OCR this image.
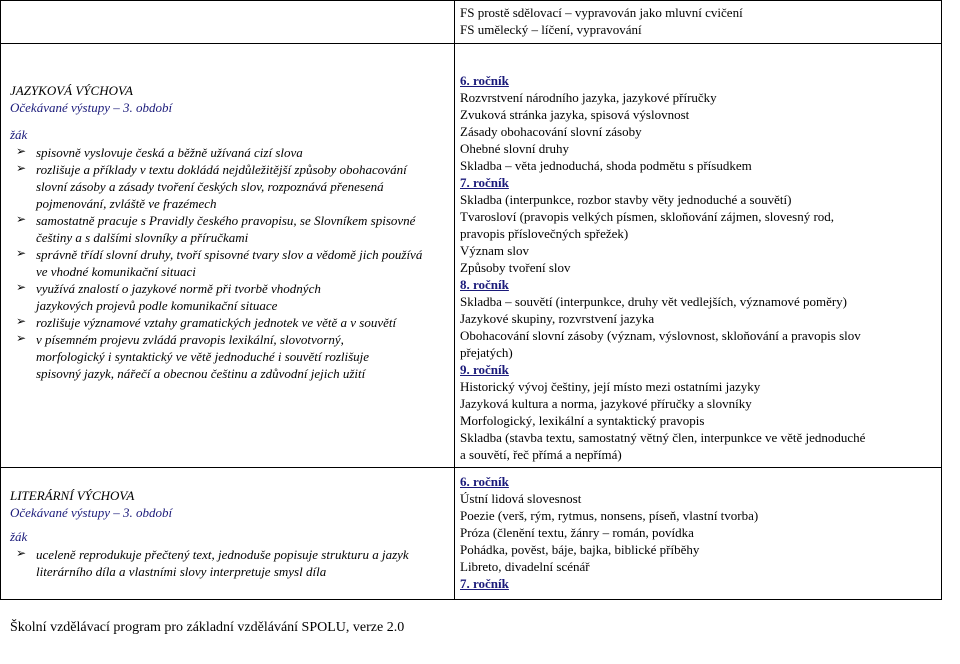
FS prostě sdělovací – vypravován jako mluvní cvičení
FS umělecký – líčení, vypravování
JAZYKOVÁ VÝCHOVA
Očekávané výstupy – 3. období
žák
➢ spisovně vyslovuje česká a běžně užívaná cizí slova
➢ rozlišuje a příklady v textu dokládá nejdůležitější způsoby obohacování slovní zásoby a zásady tvoření českých slov, rozpoznává přenesená pojmenování, zvláště ve frazémech
➢ samostatně pracuje s Pravidly českého pravopisu, se Slovníkem spisovné češtiny a s dalšími slovníky a příručkami
➢ správně třídí slovní druhy, tvoří spisovné tvary slov a vědomě jich používá ve vhodné komunikační situaci
➢ využívá znalostí o jazykové normě při tvorbě vhodných jazykových projevů podle komunikační situace
➢ rozlišuje významové vztahy gramatických jednotek ve větě a v souvětí
➢ v písemném projevu zvládá pravopis lexikální, slovotvorný, morfologický i syntaktický ve větě jednoduché i souvětí rozlišuje spisovný jazyk, nářečí a obecnou češtinu a zdůvodní jejich užití
6. ročník
Rozvrstvení národního jazyka, jazykové příručky
Zvuková stránka jazyka, spisová výslovnost
Zásady obohacování slovní zásoby
Ohebné slovní druhy
Skladba – věta jednoduchá, shoda podmětu s přísudkem
7. ročník
Skladba (interpunkce, rozbor stavby věty jednoduché a souvětí)
Tvarosloví (pravopis velkých písmen, skloňování zájmen, slovesný rod,
pravopis příslovečných spřežek)
Význam slov
Způsoby tvoření slov
8. ročník
Skladba – souvětí (interpunkce, druhy vět vedlejších, významové poměry)
Jazykové skupiny, rozvrstvení jazyka
Obohacování slovní zásoby (význam, výslovnost, skloňování a pravopis slov
přejatých)
9. ročník
Historický vývoj češtiny, její místo mezi ostatními jazyky
Jazyková kultura a norma, jazykové příručky a slovníky
Morfologický, lexikální a syntaktický pravopis
Skladba (stavba textu, samostatný větný člen, interpunkce ve větě jednoduché
a souvětí, řeč přímá a nepřímá)
LITERÁRNÍ VÝCHOVA
Očekávané výstupy – 3. období
žák
➢ uceleně reprodukuje přečtený text, jednoduše popisuje strukturu a jazyk literárního díla a vlastními slovy interpretuje smysl díla
6. ročník
Ústní lidová slovesnost
Poezie (verš, rým, rytmus, nonsens, píseň, vlastní tvorba)
Próza (členění textu, žánry – román, povídka
Pohádka, pověst, báje, bajka, biblické příběhy
Libreto, divadelní scénář
7. ročník
Školní vzdělávací program pro základní vzdělávání SPOLU, verze 2.0
